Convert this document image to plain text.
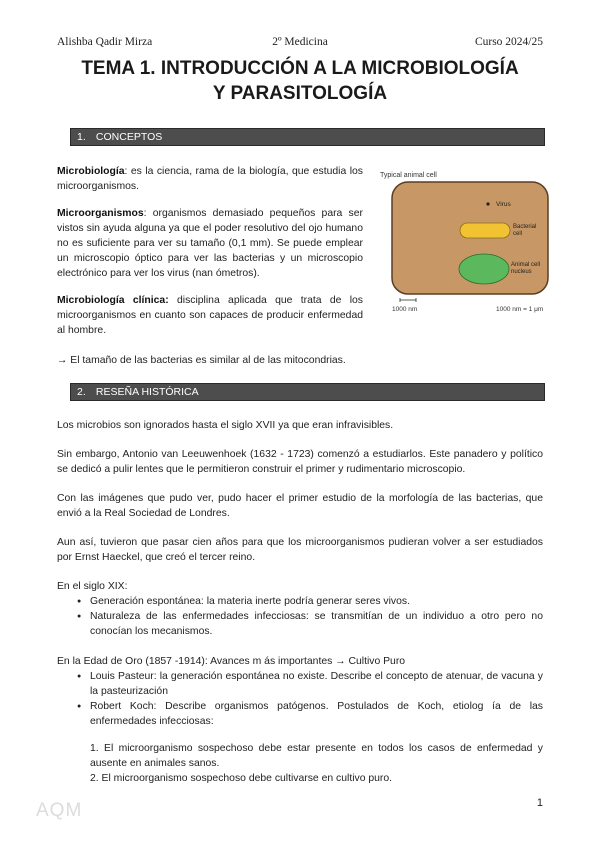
Alishba Qadir Mirza	2º Medicina	Curso 2024/25
TEMA 1. INTRODUCCIÓN A LA MICROBIOLOGÍA
Y PARASITOLOGÍA
1. CONCEPTOS

Microbiología: es la ciencia, rama de la biología, que estudia los microorganismos.

Microorganismos: organismos demasiado pequeños para ser vistos sin ayuda alguna ya que el poder resolutivo del ojo humano no es suficiente para ver su tamaño (0,1 mm). Se puede emplear un microscopio óptico para ver las bacterias y un microscopio electrónico para ver los virus (nan ómetros).

Microbiología clínica: disciplina aplicada que trata de los microorganismos en cuanto son capaces de producir enfermedad al hombre.

→ El tamaño de las bacterias es similar al de las mitocondrias.

Typical animal cell
Virus
Bacterial
cell
Animal cell
nucleus
1000 nm	1000 nm = 1 μm
2. RESEÑA HISTÓRICA

Los microbios son ignorados hasta el siglo XVII ya que eran infravisibles.

Sin embargo, Antonio van Leeuwenhoek (1632 - 1723) comenzó a estudiarlos. Este panadero y político se dedicó a pulir lentes que le permitieron construir el primer y rudimentario microscopio.

Con las imágenes que pudo ver, pudo hacer el primer estudio de la morfología de las bacterias, que envió a la Real Sociedad de Londres.

Aun así, tuvieron que pasar cien años para que los microorganismos pudieran volver a ser estudiados por Ernst Haeckel, que creó el tercer reino.

En el siglo XIX:

● Generación espontánea: la materia inerte podría generar seres vivos.
● Naturaleza de las enfermedades infecciosas: se transmitían de un individuo a otro pero no conocían los mecanismos.

En la Edad de Oro (1857 -1914): Avances m ás importantes → Cultivo Puro

● Louis Pasteur: la generación espontánea no existe. Describe el concepto de atenuar, de vacuna y la pasteurización
● Robert Koch: Describe organismos patógenos. Postulados de Koch, etiolog ía de las enfermedades infecciosas:

1. El microorganismo sospechoso debe estar presente en todos los casos de enfermedad y ausente en animales sanos.

2. El microorganismo sospechoso debe cultivarse en cultivo puro.

AQM	1
